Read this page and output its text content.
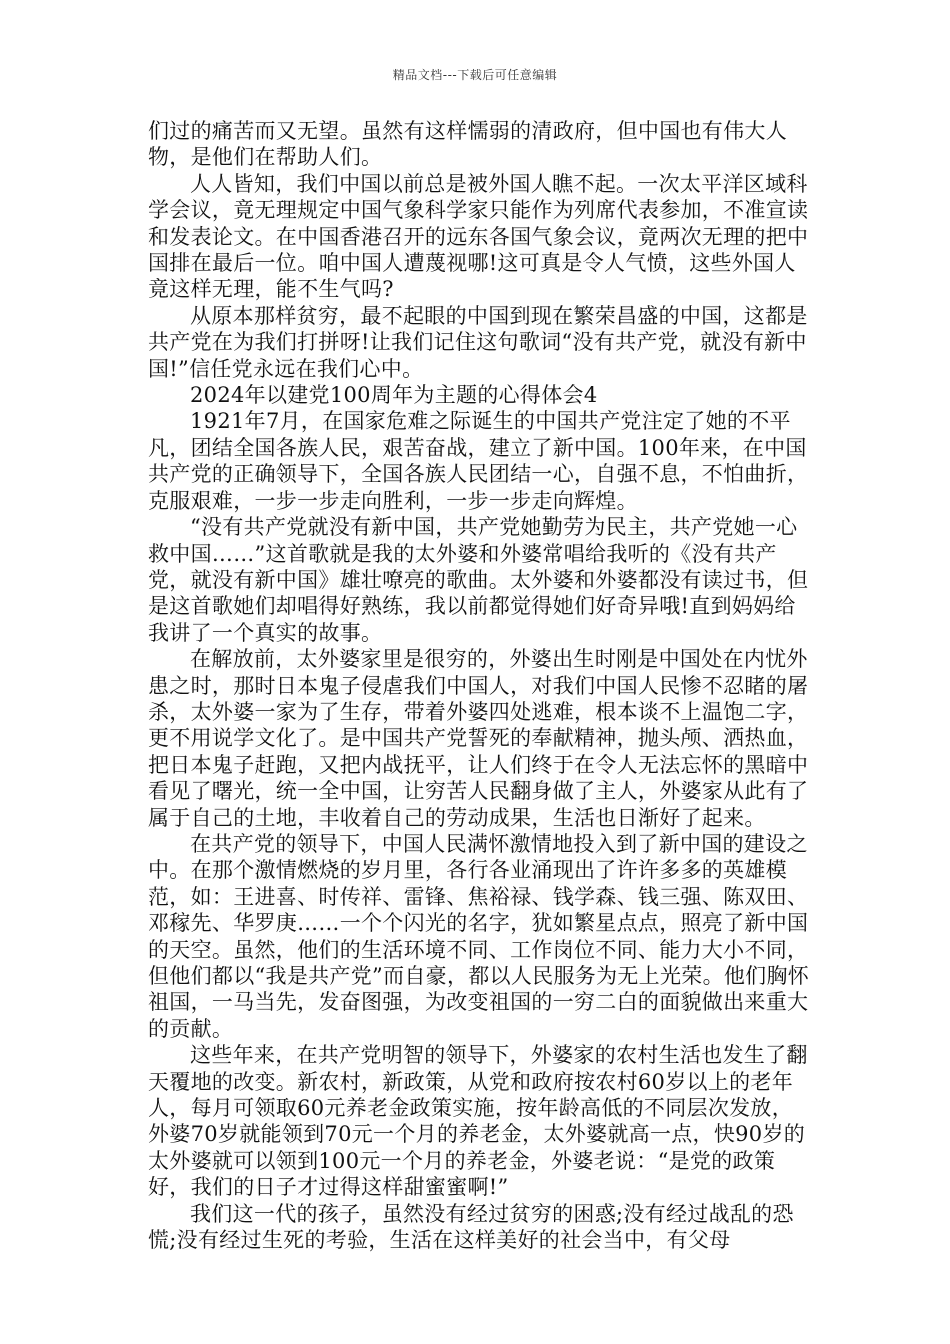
精品文档---下载后可任意编辑

们过的痛苦而又无望。虽然有这样懦弱的清政府，但中国也有伟大人物，是他们在帮助人们。

人人皆知，我们中国以前总是被外国人瞧不起。一次太平洋区域科学会议，竟无理规定中国气象科学家只能作为列席代表参加，不准宣读和发表论文。在中国香港召开的远东各国气象会议，竟两次无理的把中国排在最后一位。咱中国人遭蔑视哪!这可真是令人气愤，这些外国人竟这样无理，能不生气吗?

从原本那样贫穷，最不起眼的中国到现在繁荣昌盛的中国，这都是共产党在为我们打拼呀!让我们记住这句歌词“没有共产党，就没有新中国!”信任党永远在我们心中。

2024年以建党100周年为主题的心得体会4

1921年7月，在国家危难之际诞生的中国共产党注定了她的不平凡，团结全国各族人民，艰苦奋战，建立了新中国。100年来，在中国共产党的正确领导下，全国各族人民团结一心，自强不息，不怕曲折，克服艰难，一步一步走向胜利，一步一步走向辉煌。

“没有共产党就没有新中国，共产党她勤劳为民主，共产党她一心救中国……”这首歌就是我的太外婆和外婆常唱给我听的《没有共产党，就没有新中国》雄壮嘹亮的歌曲。太外婆和外婆都没有读过书，但是这首歌她们却唱得好熟练，我以前都觉得她们好奇异哦!直到妈妈给我讲了一个真实的故事。

在解放前，太外婆家里是很穷的，外婆出生时刚是中国处在内忧外患之时，那时日本鬼子侵虐我们中国人，对我们中国人民惨不忍睹的屠杀，太外婆一家为了生存，带着外婆四处逃难，根本谈不上温饱二字，更不用说学文化了。是中国共产党誓死的奉献精神，抛头颅、洒热血，把日本鬼子赶跑，又把内战抚平，让人们终于在令人无法忘怀的黑暗中看见了曙光，统一全中国，让穷苦人民翻身做了主人，外婆家从此有了属于自己的土地，丰收着自己的劳动成果，生活也日渐好了起来。

在共产党的领导下，中国人民满怀激情地投入到了新中国的建设之中。在那个激情燃烧的岁月里，各行各业涌现出了许许多多的英雄模范，如：王进喜、时传祥、雷锋、焦裕禄、钱学森、钱三强、陈双田、邓稼先、华罗庚……一个个闪光的名字，犹如繁星点点，照亮了新中国的天空。虽然，他们的生活环境不同、工作岗位不同、能力大小不同，但他们都以“我是共产党”而自豪，都以人民服务为无上光荣。他们胸怀祖国，一马当先，发奋图强，为改变祖国的一穷二白的面貌做出来重大的贡献。

这些年来，在共产党明智的领导下，外婆家的农村生活也发生了翻天覆地的改变。新农村，新政策，从党和政府按农村60岁以上的老年人，每月可领取60元养老金政策实施，按年龄高低的不同层次发放，外婆70岁就能领到70元一个月的养老金，太外婆就高一点，快90岁的太外婆就可以领到100元一个月的养老金，外婆老说：“是党的政策好，我们的日子才过得这样甜蜜蜜啊!”

我们这一代的孩子，虽然没有经过贫穷的困惑;没有经过战乱的恐慌;没有经过生死的考验，生活在这样美好的社会当中，有父母
